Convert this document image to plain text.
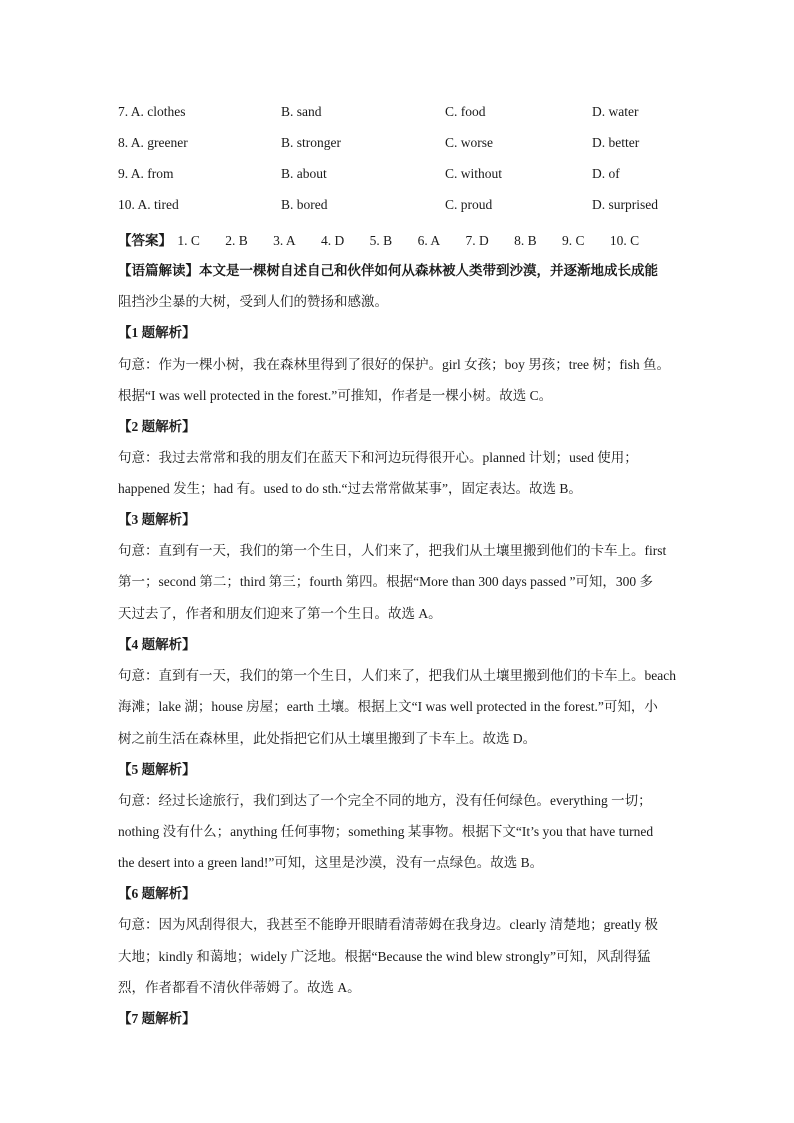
7. A. clothes	B. sand	C. food	D. water
8. A. greener	B. stronger	C. worse	D. better
9. A. from	B. about	C. without	D. of
10. A. tired	B. bored	C. proud	D. surprised
【答案】 1. C 2. B 3. A 4. D 5. B 6. A 7. D 8. B 9. C 10. C
【语篇解读】本文是一棵树自述自己和伙伴如何从森林被人类带到沙漠，并逐渐地成长成能
阻挡沙尘暴的大树，受到人们的赞扬和感激。
【1 题解析】
句意：作为一棵小树，我在森林里得到了很好的保护。girl 女孩；boy 男孩；tree 树；fish 鱼。
根据“I was well protected in the forest.”可推知，作者是一棵小树。故选 C。
【2 题解析】
句意：我过去常常和我的朋友们在蓝天下和河边玩得很开心。planned 计划；used 使用；
happened 发生；had 有。used to do sth.“过去常常做某事”，固定表达。故选 B。
【3 题解析】
句意：直到有一天，我们的第一个生日，人们来了，把我们从土壤里搬到他们的卡车上。first
第一；second 第二；third 第三；fourth 第四。根据“More than 300 days passed ”可知，300 多
天过去了，作者和朋友们迎来了第一个生日。故选 A。
【4 题解析】
句意：直到有一天，我们的第一个生日，人们来了，把我们从土壤里搬到他们的卡车上。beach
海滩；lake 湖；house 房屋；earth 土壤。根据上文“I was well protected in the forest.”可知，小
树之前生活在森林里，此处指把它们从土壤里搬到了卡车上。故选 D。
【5 题解析】
句意：经过长途旅行，我们到达了一个完全不同的地方，没有任何绿色。everything 一切；
nothing 没有什么；anything 任何事物；something 某事物。根据下文“It’s you that have turned
the desert into a green land!”可知，这里是沙漠，没有一点绿色。故选 B。
【6 题解析】
句意：因为风刮得很大，我甚至不能睁开眼睛看清蒂姆在我身边。clearly 清楚地；greatly 极
大地；kindly 和蔼地；widely 广泛地。根据“Because the wind blew strongly”可知，风刮得猛
烈，作者都看不清伙伴蒂姆了。故选 A。
【7 题解析】
